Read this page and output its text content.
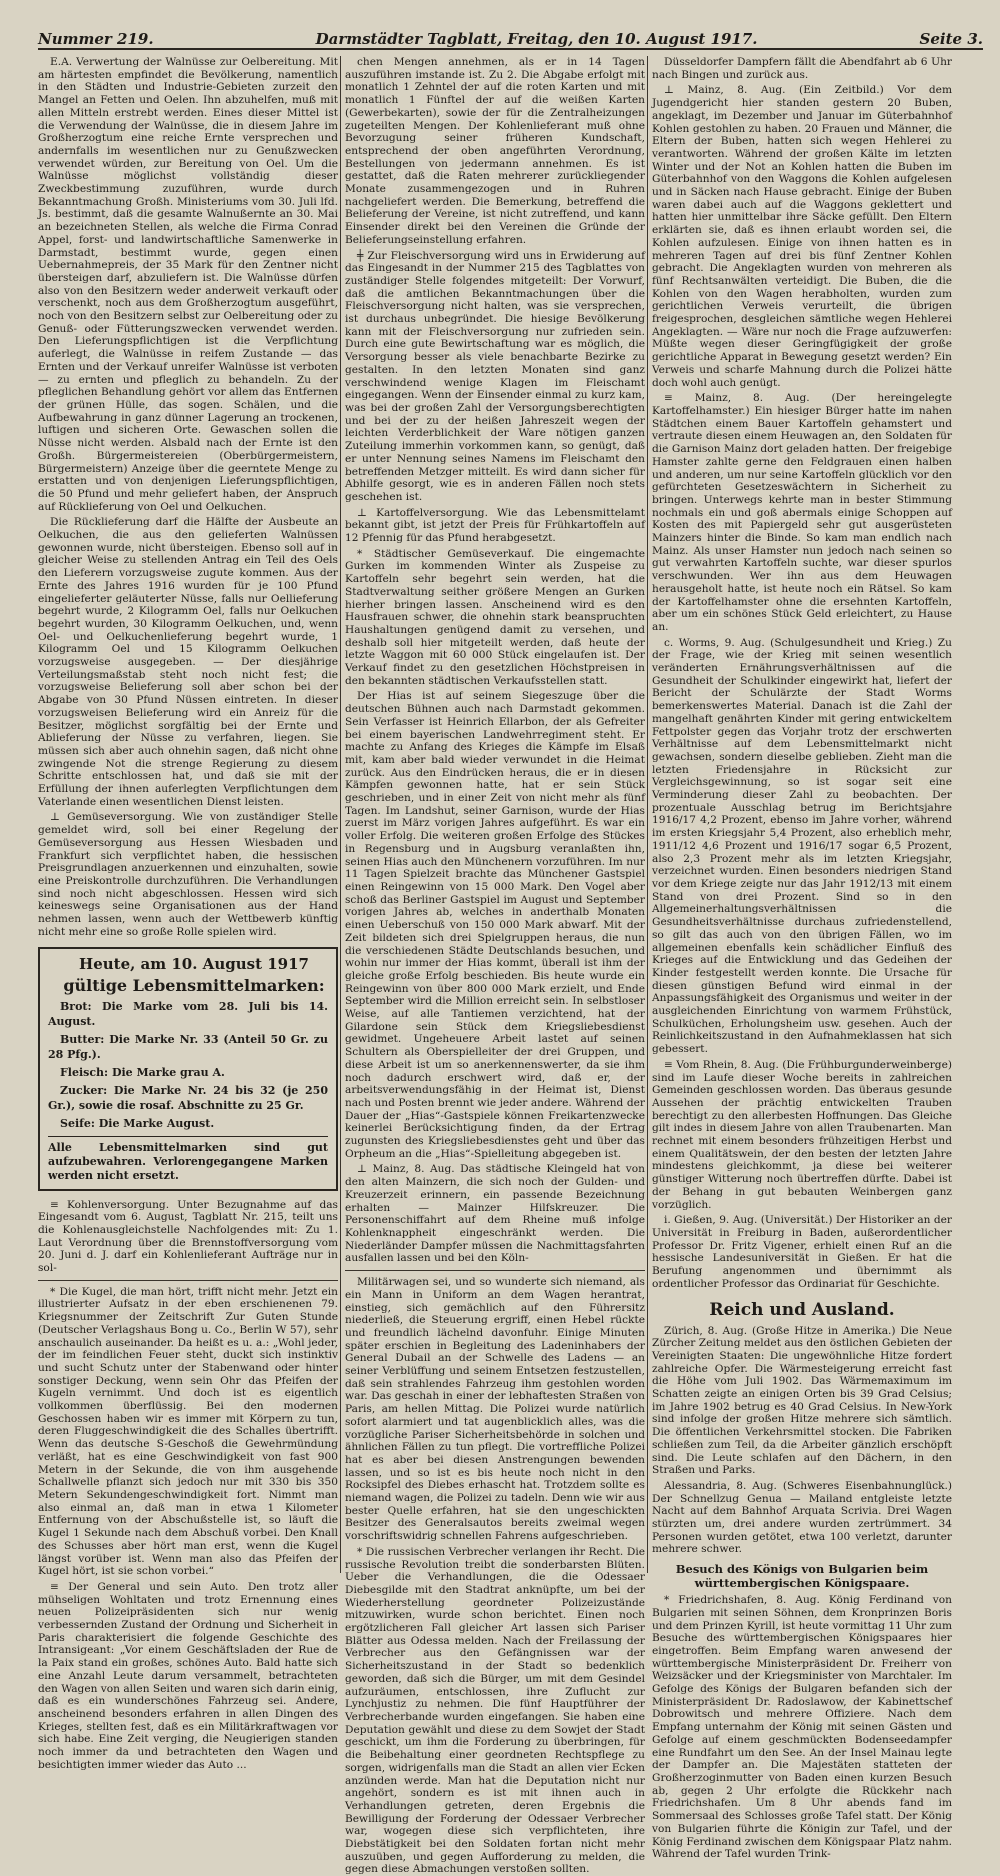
Nummer 219.	Darmstädter Tagblatt, Freitag, den 10. August 1917.	Seite 3.

E.A. Verwertung der Walnüsse zur Oelbereitung. Mit am härtesten empfindet die Bevölkerung, namentlich in den Städten und Industrie-Gebieten zurzeit den Mangel an Fetten und Oelen. Ihn abzuhelfen, muß mit allen Mitteln erstrebt werden. Eines dieser Mittel ist die Verwendung der Walnüsse, die in diesem Jahre im Großherzogtum eine reiche Ernte versprechen und andernfalls im wesentlichen nur zu Genußzwecken verwendet würden, zur Bereitung von Oel. Um die Walnüsse möglichst vollständig dieser Zweckbestimmung zuzuführen, wurde durch Bekanntmachung Großh. Ministeriums vom 30. Juli lfd. Js. bestimmt, daß die gesamte Walnußernte an 30. Mai an bezeichneten Stellen, als welche die Firma Conrad Appel, forst- und landwirtschaftliche Samenwerke in Darmstadt, bestimmt wurde, gegen einen Uebernahmepreis, der 35 Mark für den Zentner nicht übersteigen darf, abzuliefern ist. Die Walnüsse dürfen also von den Besitzern weder anderweit verkauft oder verschenkt, noch aus dem Großherzogtum ausgeführt, noch von den Besitzern selbst zur Oelbereitung oder zu Genuß- oder Fütterungszwecken verwendet werden. Den Lieferungspflichtigen ist die Verpflichtung auferlegt, die Walnüsse in reifem Zustande — das Ernten und der Verkauf unreifer Walnüsse ist verboten — zu ernten und pfleglich zu behandeln. Zu der pfleglichen Behandlung gehört vor allem das Entfernen der grünen Hülle, das sogen. Schälen, und die Aufbewahrung in ganz dünner Lagerung an trockenen, luftigen und sicheren Orte. Gewaschen sollen die Nüsse nicht werden. Alsbald nach der Ernte ist den Großh. Bürgermeistereien (Oberbürgermeistern, Bürgermeistern) Anzeige über die geerntete Menge zu erstatten und von denjenigen Lieferungspflichtigen, die 50 Pfund und mehr geliefert haben, der Anspruch auf Rücklieferung von Oel und Oelkuchen.

Die Rücklieferung darf die Hälfte der Ausbeute an Oelkuchen, die aus den gelieferten Walnüssen gewonnen wurde, nicht übersteigen. Ebenso soll auf in gleicher Weise zu stellenden Antrag ein Teil des Oels den Lieferern vorzugsweise zugute kommen. Aus der Ernte des Jahres 1916 wurden für je 100 Pfund eingelieferter geläuterter Nüsse, falls nur Oellieferung begehrt wurde, 2 Kilogramm Oel, falls nur Oelkuchen begehrt wurden, 30 Kilogramm Oelkuchen, und, wenn Oel- und Oelkuchenlieferung begehrt wurde, 1 Kilogramm Oel und 15 Kilogramm Oelkuchen vorzugsweise ausgegeben. — Der diesjährige Verteilungsmaßstab steht noch nicht fest; die vorzugsweise Belieferung soll aber schon bei der Abgabe von 30 Pfund Nüssen eintreten. In dieser vorzugsweisen Belieferung wird ein Anreiz für die Besitzer, möglichst sorgfältig bei der Ernte und Ablieferung der Nüsse zu verfahren, liegen. Sie müssen sich aber auch ohnehin sagen, daß nicht ohne zwingende Not die strenge Regierung zu diesem Schritte entschlossen hat, und daß sie mit der Erfüllung der ihnen auferlegten Verpflichtungen dem Vaterlande einen wesentlichen Dienst leisten.

⊥ Gemüseversorgung. Wie von zuständiger Stelle gemeldet wird, soll bei einer Regelung der Gemüseversorgung aus Hessen Wiesbaden und Frankfurt sich verpflichtet haben, die hessischen Preisgrundlagen anzuerkennen und einzuhalten, sowie eine Preiskontrolle durchzuführen. Die Verhandlungen sind noch nicht abgeschlossen. Hessen wird sich keineswegs seine Organisationen aus der Hand nehmen lassen, wenn auch der Wettbewerb künftig nicht mehr eine so große Rolle spielen wird.

Heute, am 10. August 1917

gültige Lebensmittelmarken:

Brot: Die Marke vom 28. Juli bis 14. August.

Butter: Die Marke Nr. 33 (Anteil 50 Gr. zu 28 Pfg.).

Fleisch: Die Marke grau A.

Zucker: Die Marke Nr. 24 bis 32 (je 250 Gr.), sowie die rosaf. Abschnitte zu 25 Gr.

Seife: Die Marke August.

Alle Lebensmittelmarken sind gut aufzubewahren. Verlorengegangene Marken werden nicht ersetzt.

≡ Kohlenversorgung. Unter Bezugnahme auf das Eingesandt vom 6. August, Tagblatt Nr. 215, teilt uns die Kohlenausgleichstelle Nachfolgendes mit: Zu 1. Laut Verordnung über die Brennstoffversorgung vom 20. Juni d. J. darf ein Kohlenlieferant Aufträge nur in sol-

* Die Kugel, die man hört, trifft nicht mehr. Jetzt ein illustrierter Aufsatz in der eben erschienenen 79. Kriegsnummer der Zeitschrift Zur Guten Stunde (Deutscher Verlagshaus Bong u. Co., Berlin W 57), sehr anschaulich auseinander. Da heißt es u. a.: „Wohl jeder, der im feindlichen Feuer steht, duckt sich instinktiv und sucht Schutz unter der Stabenwand oder hinter sonstiger Deckung, wenn sein Ohr das Pfeifen der Kugeln vernimmt. Und doch ist es eigentlich vollkommen überflüssig. Bei den modernen Geschossen haben wir es immer mit Körpern zu tun, deren Fluggeschwindigkeit die des Schalles übertrifft. Wenn das deutsche S-Geschoß die Gewehrmündung verläßt, hat es eine Geschwindigkeit von fast 900 Metern in der Sekunde, die von ihm ausgehende Schallwelle pflanzt sich jedoch nur mit 330 bis 350 Metern Sekundengeschwindigkeit fort. Nimmt man also einmal an, daß man in etwa 1 Kilometer Entfernung von der Abschußstelle ist, so läuft die Kugel 1 Sekunde nach dem Abschuß vorbei. Den Knall des Schusses aber hört man erst, wenn die Kugel längst vorüber ist. Wenn man also das Pfeifen der Kugel hört, ist sie schon vorbei.“

≡ Der General und sein Auto. Den trotz aller mühseligen Wohltaten und trotz Ernennung eines neuen Polizeipräsidenten sich nur wenig verbessernden Zustand der Ordnung und Sicherheit in Paris charakterisiert die folgende Geschichte des Intransigeant: „Vor einem Geschäftsladen der Rue de la Paix stand ein großes, schönes Auto. Bald hatte sich eine Anzahl Leute darum versammelt, betrachteten den Wagen von allen Seiten und waren sich darin einig, daß es ein wunderschönes Fahrzeug sei. Andere, anscheinend besonders erfahren in allen Dingen des Krieges, stellten fest, daß es ein Militärkraftwagen vor sich habe. Eine Zeit verging, die Neugierigen standen noch immer da und betrachteten den Wagen und besichtigten immer wieder das Auto ...

chen Mengen annehmen, als er in 14 Tagen auszuführen imstande ist. Zu 2. Die Abgabe erfolgt mit monatlich 1 Zehntel der auf die roten Karten und mit monatlich 1 Fünftel der auf die weißen Karten (Gewerbekarten), sowie der für die Zentralheizungen zugeteilten Mengen. Der Kohlenlieferant muß ohne Bevorzugung seiner früheren Kundschaft, entsprechend der oben angeführten Verordnung, Bestellungen von jedermann annehmen. Es ist gestattet, daß die Raten mehrerer zurückliegender Monate zusammengezogen und in Ruhren nachgeliefert werden. Die Bemerkung, betreffend die Belieferung der Vereine, ist nicht zutreffend, und kann Einsender direkt bei den Vereinen die Gründe der Belieferungseinstellung erfahren.

╪ Zur Fleischversorgung wird uns in Erwiderung auf das Eingesandt in der Nummer 215 des Tagblattes von zuständiger Stelle folgendes mitgeteilt: Der Vorwurf, daß die amtlichen Bekanntmachungen über die Fleischversorgung nicht halten, was sie versprechen, ist durchaus unbegründet. Die hiesige Bevölkerung kann mit der Fleischversorgung nur zufrieden sein. Durch eine gute Bewirtschaftung war es möglich, die Versorgung besser als viele benachbarte Bezirke zu gestalten. In den letzten Monaten sind ganz verschwindend wenige Klagen im Fleischamt eingegangen. Wenn der Einsender einmal zu kurz kam, was bei der großen Zahl der Versorgungsberechtigten und bei der zu der heißen Jahreszeit wegen der leichten Verderblichkeit der Ware nötigen ganzen Zuteilung immerhin vorkommen kann, so genügt, daß er unter Nennung seines Namens im Fleischamt den betreffenden Metzger mitteilt. Es wird dann sicher für Abhilfe gesorgt, wie es in anderen Fällen noch stets geschehen ist.

⊥ Kartoffelversorgung. Wie das Lebensmittelamt bekannt gibt, ist jetzt der Preis für Frühkartoffeln auf 12 Pfennig für das Pfund herabgesetzt.

* Städtischer Gemüseverkauf. Die eingemachte Gurken im kommenden Winter als Zuspeise zu Kartoffeln sehr begehrt sein werden, hat die Stadtverwaltung seither größere Mengen an Gurken hierher bringen lassen. Anscheinend wird es den Hausfrauen schwer, die ohnehin stark beanspruchten Haushaltungen genügend damit zu versehen, und deshalb soll hier mitgeteilt werden, daß heute der letzte Waggon mit 60 000 Stück eingelaufen ist. Der Verkauf findet zu den gesetzlichen Höchstpreisen in den bekannten städtischen Verkaufsstellen statt.

Der Hias ist auf seinem Siegeszuge über die deutschen Bühnen auch nach Darmstadt gekommen. Sein Verfasser ist Heinrich Ellarbon, der als Gefreiter bei einem bayerischen Landwehrregiment steht. Er machte zu Anfang des Krieges die Kämpfe im Elsaß mit, kam aber bald wieder verwundet in die Heimat zurück. Aus den Eindrücken heraus, die er in diesen Kämpfen gewonnen hatte, hat er sein Stück geschrieben, und in einer Zeit von nicht mehr als fünf Tagen. Im Landshut, seiner Garnison, wurde der Hias zuerst im März vorigen Jahres aufgeführt. Es war ein voller Erfolg. Die weiteren großen Erfolge des Stückes in Regensburg und in Augsburg veranlaßten ihn, seinen Hias auch den Münchenern vorzuführen. Im nur 11 Tagen Spielzeit brachte das Münchener Gastspiel einen Reingewinn von 15 000 Mark. Den Vogel aber schoß das Berliner Gastspiel im August und September vorigen Jahres ab, welches in anderthalb Monaten einen Ueberschuß von 150 000 Mark abwarf. Mit der Zeit bildeten sich drei Spielgruppen heraus, die nun die verschiedenen Städte Deutschlands besuchen, und wohin nur immer der Hias kommt, überall ist ihm der gleiche große Erfolg beschieden. Bis heute wurde ein Reingewinn von über 800 000 Mark erzielt, und Ende September wird die Million erreicht sein. In selbstloser Weise, auf alle Tantiemen verzichtend, hat der Gilardone sein Stück dem Kriegsliebesdienst gewidmet. Ungeheuere Arbeit lastet auf seinen Schultern als Oberspielleiter der drei Gruppen, und diese Arbeit ist um so anerkennenswerter, da sie ihm noch dadurch erschwert wird, daß er, der arbeitsverwendungsfähig in der Heimat ist, Dienst nach und Posten brennt wie jeder andere. Während der Dauer der „Hias“-Gastspiele können Freikartenzwecke keinerlei Berücksichtigung finden, da der Ertrag zugunsten des Kriegsliebesdienstes geht und über das Orpheum an die „Hias“-Spielleitung abgegeben ist.

⊥ Mainz, 8. Aug. Das städtische Kleingeld hat von den alten Mainzern, die sich noch der Gulden- und Kreuzerzeit erinnern, ein passende Bezeichnung erhalten — Mainzer Hilfskreuzer. Die Personenschiffahrt auf dem Rheine muß infolge Kohlenknappheit eingeschränkt werden. Die Niederländer Dampfer müssen die Nachmittagsfahrten ausfallen lassen und bei den Köln-

Militärwagen sei, und so wunderte sich niemand, als ein Mann in Uniform an dem Wagen herantrat, einstieg, sich gemächlich auf den Führersitz niederließ, die Steuerung ergriff, einen Hebel rückte und freundlich lächelnd davonfuhr. Einige Minuten später erschien in Begleitung des Ladeninhabers der General Dubail an der Schwelle des Ladens — an seiner Verblüffung und seinem Entsetzen festzustellen, daß sein strahlendes Fahrzeug ihm gestohlen worden war. Das geschah in einer der lebhaftesten Straßen von Paris, am hellen Mittag. Die Polizei wurde natürlich sofort alarmiert und tat augenblicklich alles, was die vorzügliche Pariser Sicherheitsbehörde in solchen und ähnlichen Fällen zu tun pflegt. Die vortreffliche Polizei hat es aber bei diesen Anstrengungen bewenden lassen, und so ist es bis heute noch nicht in den Rocksipfel des Diebes erhascht hat. Trotzdem sollte es niemand wagen, die Polizei zu tadeln. Denn wie wir aus bester Quelle erfahren, hat sie den ungeschickten Besitzer des Generalsautos bereits zweimal wegen vorschriftswidrig schnellen Fahrens aufgeschrieben.

* Die russischen Verbrecher verlangen ihr Recht. Die russische Revolution treibt die sonderbarsten Blüten. Ueber die Verhandlungen, die die Odessaer Diebesgilde mit den Stadtrat anknüpfte, um bei der Wiederherstellung geordneter Polizeizustände mitzuwirken, wurde schon berichtet. Einen noch ergötzlicheren Fall gleicher Art lassen sich Pariser Blätter aus Odessa melden. Nach der Freilassung der Verbrecher aus den Gefängnissen war der Sicherheitszustand in der Stadt so bedenklich geworden, daß sich die Bürger, um mit dem Gesindel aufzuräumen, entschlossen, ihre Zuflucht zur Lynchjustiz zu nehmen. Die fünf Hauptführer der Verbrecherbande wurden eingefangen. Sie haben eine Deputation gewählt und diese zu dem Sowjet der Stadt geschickt, um ihm die Forderung zu überbringen, für die Beibehaltung einer geordneten Rechtspflege zu sorgen, widrigenfalls man die Stadt an allen vier Ecken anzünden werde. Man hat die Deputation nicht nur angehört, sondern es ist mit ihnen auch in Verhandlungen getreten, deren Ergebnis die Bewilligung der Forderung der Odessaer Verbrecher war, wogegen diese sich verpflichteten, ihre Diebstätigkeit bei den Soldaten fortan nicht mehr auszuüben, und gegen Aufforderung zu melden, die gegen diese Abmachungen verstoßen sollten.

Düsseldorfer Dampfern fällt die Abendfahrt ab 6 Uhr nach Bingen und zurück aus.

⊥ Mainz, 8. Aug. (Ein Zeitbild.) Vor dem Jugendgericht hier standen gestern 20 Buben, angeklagt, im Dezember und Januar im Güterbahnhof Kohlen gestohlen zu haben. 20 Frauen und Männer, die Eltern der Buben, hatten sich wegen Hehlerei zu verantworten. Während der großen Kälte im letzten Winter und der Not an Kohlen hatten die Buben im Güterbahnhof von den Waggons die Kohlen aufgelesen und in Säcken nach Hause gebracht. Einige der Buben waren dabei auch auf die Waggons geklettert und hatten hier unmittelbar ihre Säcke gefüllt. Den Eltern erklärten sie, daß es ihnen erlaubt worden sei, die Kohlen aufzulesen. Einige von ihnen hatten es in mehreren Tagen auf drei bis fünf Zentner Kohlen gebracht. Die Angeklagten wurden von mehreren als fünf Rechtsanwälten verteidigt. Die Buben, die die Kohlen von den Wagen herabholten, wurden zum gerichtlichen Verweis verurteilt, die übrigen freigesprochen, desgleichen sämtliche wegen Hehlerei Angeklagten. — Wäre nur noch die Frage aufzuwerfen: Müßte wegen dieser Geringfügigkeit der große gerichtliche Apparat in Bewegung gesetzt werden? Ein Verweis und scharfe Mahnung durch die Polizei hätte doch wohl auch genügt.

≡ Mainz, 8. Aug. (Der hereingelegte Kartoffelhamster.) Ein hiesiger Bürger hatte im nahen Städtchen einem Bauer Kartoffeln gehamstert und vertraute diesen einem Heuwagen an, den Soldaten für die Garnison Mainz dort geladen hatten. Der freigebige Hamster zahlte gerne den Feldgrauen einen halben und anderen, um nur seine Kartoffeln glücklich vor den gefürchteten Gesetzeswächtern in Sicherheit zu bringen. Unterwegs kehrte man in bester Stimmung nochmals ein und goß abermals einige Schoppen auf Kosten des mit Papiergeld sehr gut ausgerüsteten Mainzers hinter die Binde. So kam man endlich nach Mainz. Als unser Hamster nun jedoch nach seinen so gut verwahrten Kartoffeln suchte, war dieser spurlos verschwunden. Wer ihn aus dem Heuwagen herausgeholt hatte, ist heute noch ein Rätsel. So kam der Kartoffelhamster ohne die ersehnten Kartoffeln, aber um ein schönes Stück Geld erleichtert, zu Hause an.

c. Worms, 9. Aug. (Schulgesundheit und Krieg.) Zu der Frage, wie der Krieg mit seinen wesentlich veränderten Ernährungsverhältnissen auf die Gesundheit der Schulkinder eingewirkt hat, liefert der Bericht der Schulärzte der Stadt Worms bemerkenswertes Material. Danach ist die Zahl der mangelhaft genährten Kinder mit gering entwickeltem Fettpolster gegen das Vorjahr trotz der erschwerten Verhältnisse auf dem Lebensmittelmarkt nicht gewachsen, sondern dieselbe geblieben. Zieht man die letzten Friedensjahre in Rücksicht zur Vergleichsgewinnung, so ist sogar seit eine Verminderung dieser Zahl zu beobachten. Der prozentuale Ausschlag betrug im Berichtsjahre 1916/17 4,2 Prozent, ebenso im Jahre vorher, während im ersten Kriegsjahr 5,4 Prozent, also erheblich mehr, 1911/12 4,6 Prozent und 1916/17 sogar 6,5 Prozent, also 2,3 Prozent mehr als im letzten Kriegsjahr, verzeichnet wurden. Einen besonders niedrigen Stand vor dem Kriege zeigte nur das Jahr 1912/13 mit einem Stand von drei Prozent. Sind so in den Allgemeinerhaltungsverhältnissen die Gesundheitsverhältnisse durchaus zufriedenstellend, so gilt das auch von den übrigen Fällen, wo im allgemeinen ebenfalls kein schädlicher Einfluß des Krieges auf die Entwicklung und das Gedeihen der Kinder festgestellt werden konnte. Die Ursache für diesen günstigen Befund wird einmal in der Anpassungsfähigkeit des Organismus und weiter in der ausgleichenden Einrichtung von warmem Frühstück, Schulküchen, Erholungsheim usw. gesehen. Auch der Reinlichkeitszustand in den Aufnahmeklassen hat sich gebessert.

≡ Vom Rhein, 8. Aug. (Die Frühburgunderweinberge) sind im Laufe dieser Woche bereits in zahlreichen Gemeinden geschlossen worden. Das überaus gesunde Aussehen der prächtig entwickelten Trauben berechtigt zu den allerbesten Hoffnungen. Das Gleiche gilt indes in diesem Jahre von allen Traubenarten. Man rechnet mit einem besonders frühzeitigen Herbst und einem Qualitätswein, der den besten der letzten Jahre mindestens gleichkommt, ja diese bei weiterer günstiger Witterung noch übertreffen dürfte. Dabei ist der Behang in gut bebauten Weinbergen ganz vorzüglich.

i. Gießen, 9. Aug. (Universität.) Der Historiker an der Universität in Freiburg in Baden, außerordentlicher Professor Dr. Fritz Vigener, erhielt einen Ruf an die hessische Landesuniversität in Gießen. Er hat die Berufung angenommen und übernimmt als ordentlicher Professor das Ordinariat für Geschichte.

Reich und Ausland.

Zürich, 8. Aug. (Große Hitze in Amerika.) Die Neue Zürcher Zeitung meldet aus den östlichen Gebieten der Vereinigten Staaten: Die ungewöhnliche Hitze fordert zahlreiche Opfer. Die Wärmesteigerung erreicht fast die Höhe vom Juli 1902. Das Wärmemaximum im Schatten zeigte an einigen Orten bis 39 Grad Celsius; im Jahre 1902 betrug es 40 Grad Celsius. In New-York sind infolge der großen Hitze mehrere sich sämtlich. Die öffentlichen Verkehrsmittel stocken. Die Fabriken schließen zum Teil, da die Arbeiter gänzlich erschöpft sind. Die Leute schlafen auf den Dächern, in den Straßen und Parks.

Alessandria, 8. Aug. (Schweres Eisenbahnunglück.) Der Schnellzug Genua — Mailand entgleiste letzte Nacht auf dem Bahnhof Arquata Scrivia. Drei Wagen stürzten um, drei andere wurden zertrümmert. 34 Personen wurden getötet, etwa 100 verletzt, darunter mehrere schwer.

Besuch des Königs von Bulgarien beim württembergischen Königspaare.

* Friedrichshafen, 8. Aug. König Ferdinand von Bulgarien mit seinen Söhnen, dem Kronprinzen Boris und dem Prinzen Kyrill, ist heute vormittag 11 Uhr zum Besuche des württembergischen Königspaares hier eingetroffen. Beim Empfang waren anwesend der württembergische Ministerpräsident Dr. Freiherr von Weizsäcker und der Kriegsminister von Marchtaler. Im Gefolge des Königs der Bulgaren befanden sich der Ministerpräsident Dr. Radoslawow, der Kabinettschef Dobrowitsch und mehrere Offiziere. Nach dem Empfang unternahm der König mit seinen Gästen und Gefolge auf einem geschmückten Bodenseedampfer eine Rundfahrt um den See. An der Insel Mainau legte der Dampfer an. Die Majestäten statteten der Großherzoginmutter von Baden einen kurzen Besuch ab, gegen 2 Uhr erfolgte die Rückkehr nach Friedrichshafen. Um 8 Uhr abends fand im Sommersaal des Schlosses große Tafel statt. Der König von Bulgarien führte die Königin zur Tafel, und der König Ferdinand zwischen dem Königspaar Platz nahm. Während der Tafel wurden Trink-
